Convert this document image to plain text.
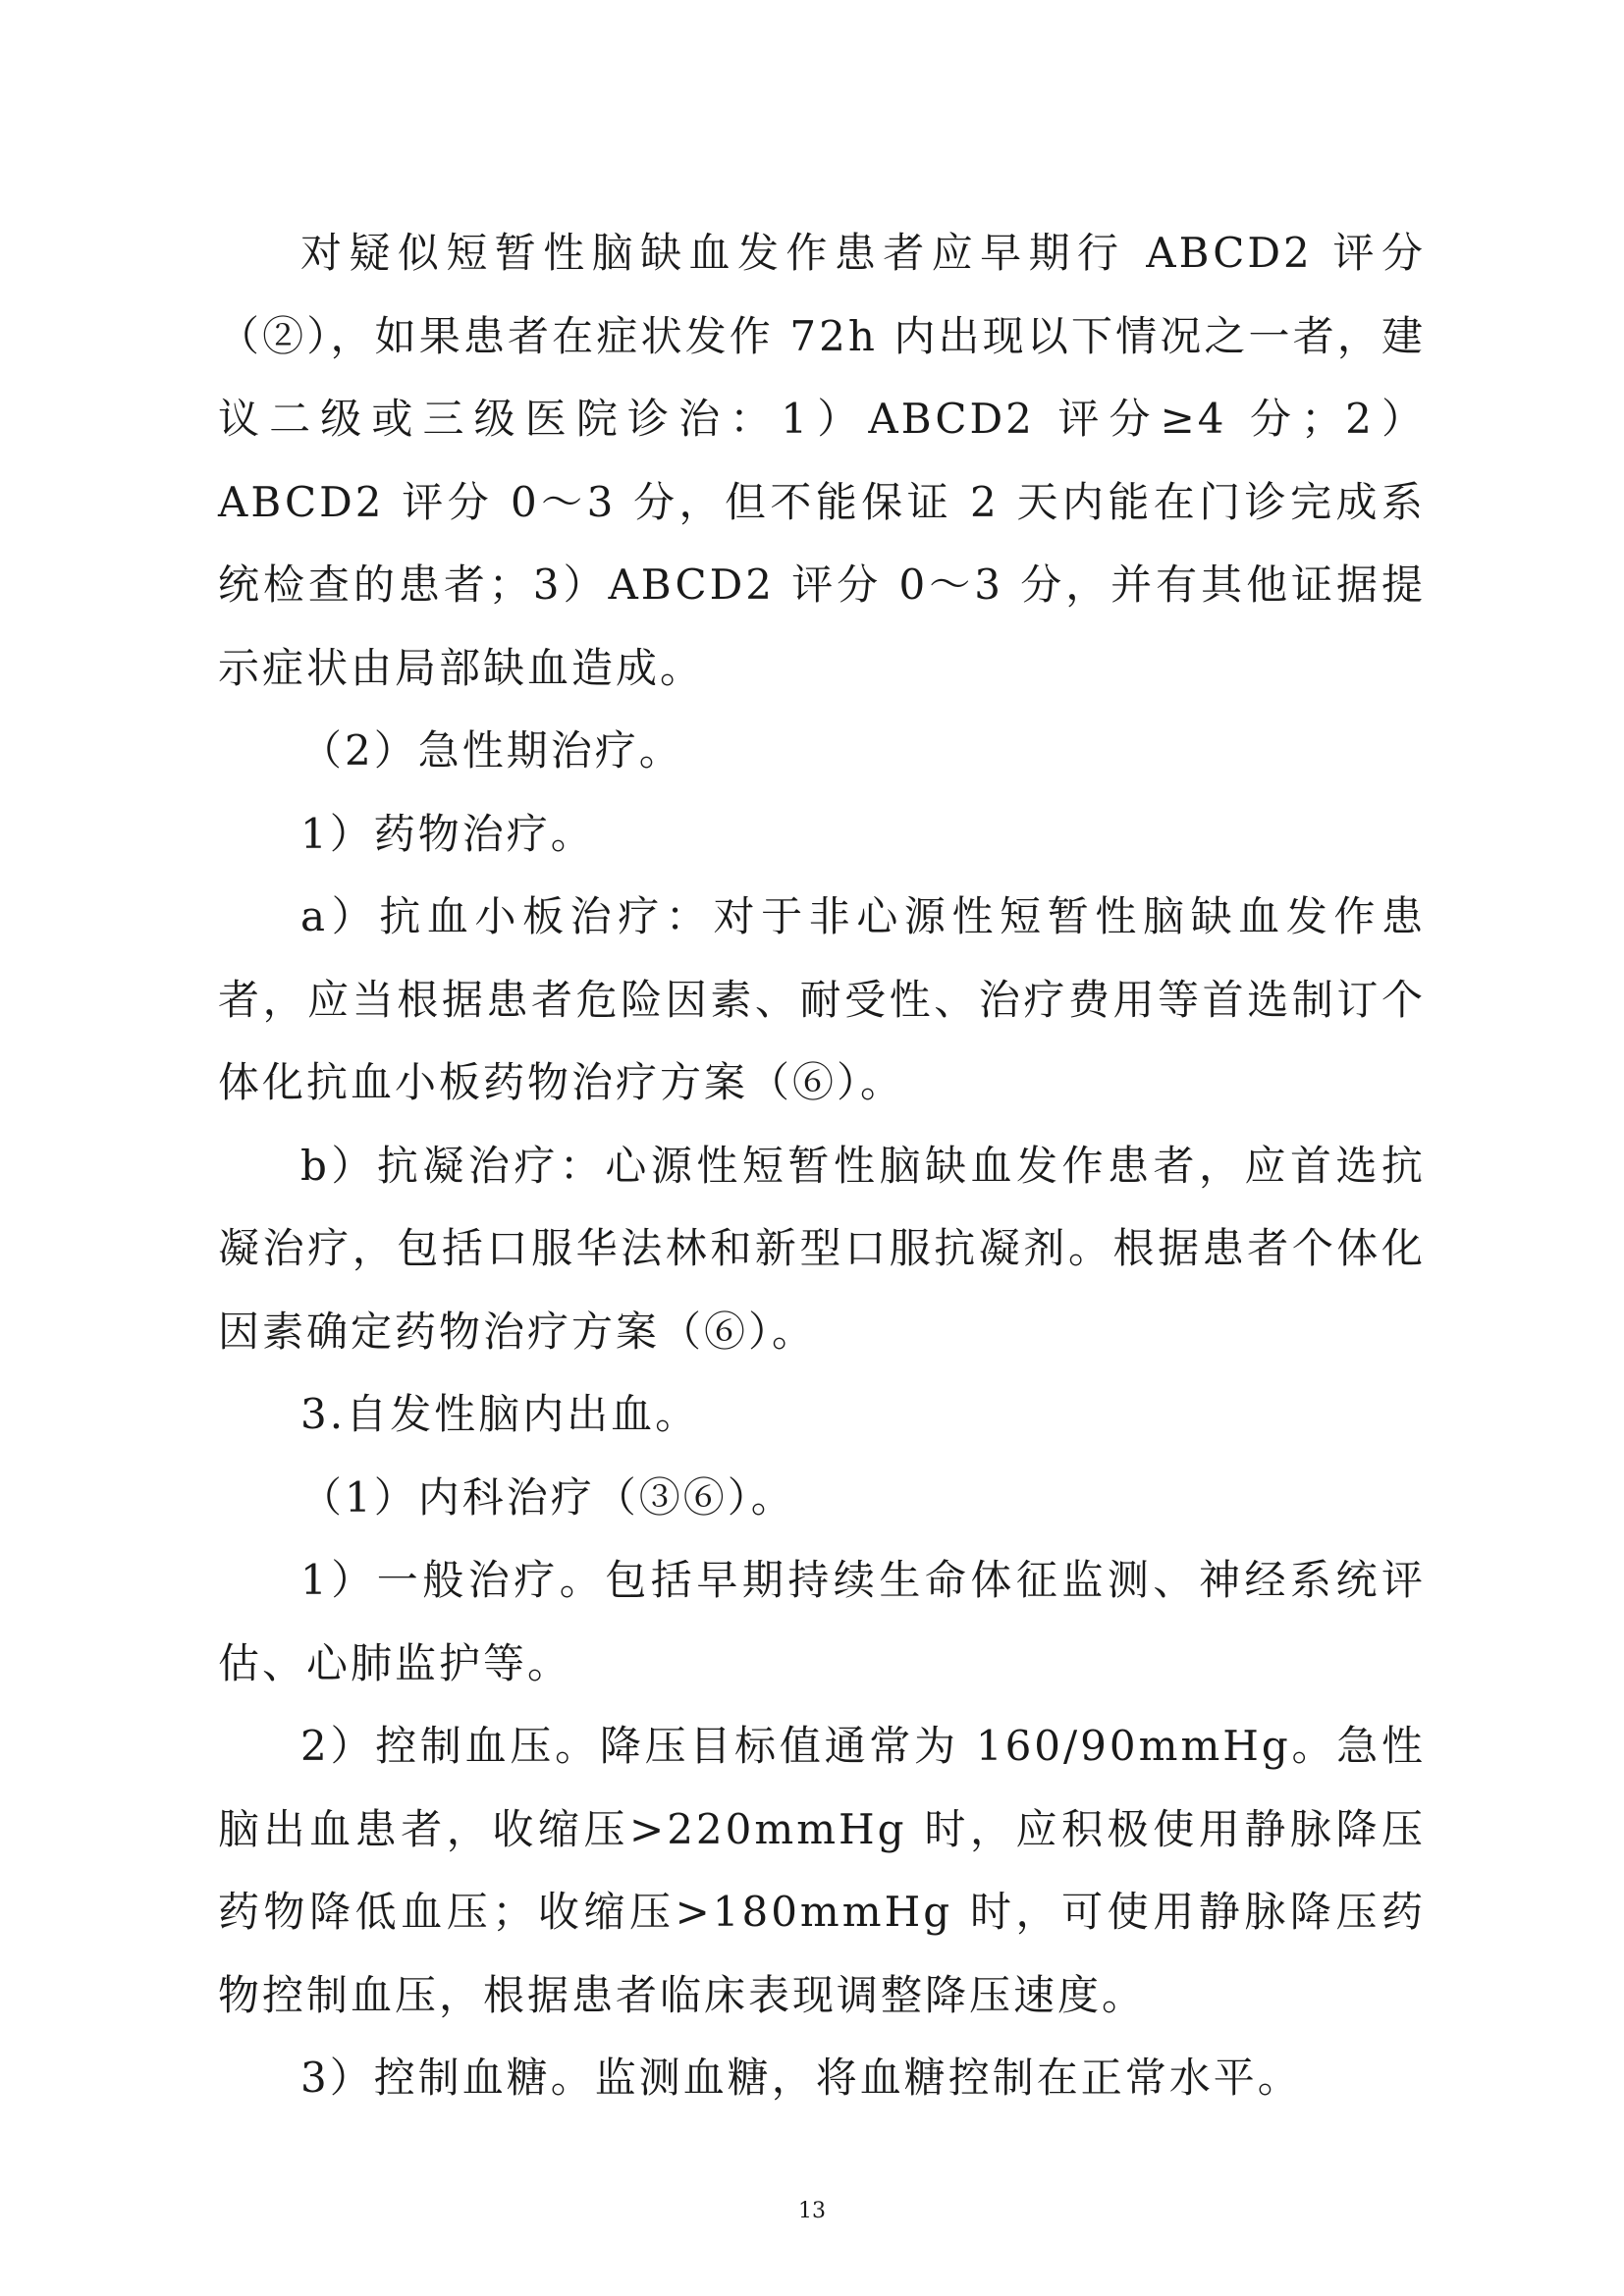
对疑似短暂性脑缺血发作患者应早期行 ABCD2 评分（②），如果患者在症状发作 72h 内出现以下情况之一者，建议二级或三级医院诊治：1）ABCD2 评分≥4 分；2）ABCD2 评分 0～3 分，但不能保证 2 天内能在门诊完成系统检查的患者；3）ABCD2 评分 0～3 分，并有其他证据提示症状由局部缺血造成。

（2）急性期治疗。

1）药物治疗。

a）抗血小板治疗：对于非心源性短暂性脑缺血发作患者，应当根据患者危险因素、耐受性、治疗费用等首选制订个体化抗血小板药物治疗方案（⑥）。

b）抗凝治疗：心源性短暂性脑缺血发作患者，应首选抗凝治疗，包括口服华法林和新型口服抗凝剂。根据患者个体化因素确定药物治疗方案（⑥）。

3.自发性脑内出血。

（1）内科治疗（③⑥）。

1）一般治疗。包括早期持续生命体征监测、神经系统评估、心肺监护等。

2）控制血压。降压目标值通常为 160/90mmHg。急性脑出血患者，收缩压>220mmHg 时，应积极使用静脉降压药物降低血压；收缩压>180mmHg 时，可使用静脉降压药物控制血压，根据患者临床表现调整降压速度。

3）控制血糖。监测血糖，将血糖控制在正常水平。

13
